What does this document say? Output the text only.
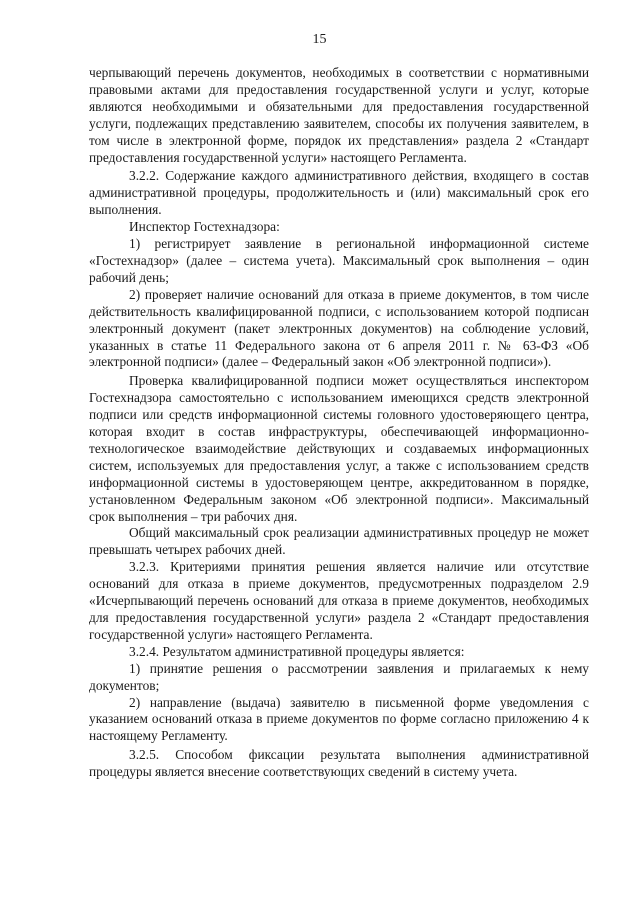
15

черпывающий перечень документов, необходимых в соответствии с нормативными правовыми актами для предоставления государственной услуги и услуг, которые являются необходимыми и обязательными для предоставления государственной услуги, подлежащих представлению заявителем, способы их получения заявителем, в том числе в электронной форме, порядок их представления» раздела 2 «Стандарт предоставления государственной услуги» настоящего Регламента.

3.2.2. Содержание каждого административного действия, входящего в состав административной процедуры, продолжительность и (или) максимальный срок его выполнения.

Инспектор Гостехнадзора:

1) регистрирует заявление в региональной информационной системе «Гостехнадзор» (далее – система учета). Максимальный срок выполнения – один рабочий день;

2) проверяет наличие оснований для отказа в приеме документов, в том числе действительность квалифицированной подписи, с использованием которой подписан электронный документ (пакет электронных документов) на соблюдение условий, указанных в статье 11 Федерального закона от 6 апреля 2011 г. № 63-ФЗ «Об электронной подписи» (далее – Федеральный закон «Об электронной подписи»).

Проверка квалифицированной подписи может осуществляться инспектором Гостехнадзора самостоятельно с использованием имеющихся средств электронной подписи или средств информационной системы головного удостоверяющего центра, которая входит в состав инфраструктуры, обеспечивающей информационно-технологическое взаимодействие действующих и создаваемых информационных систем, используемых для предоставления услуг, а также с использованием средств информационной системы в удостоверяющем центре, аккредитованном в порядке, установленном Федеральным законом «Об электронной подписи». Максимальный срок выполнения – три рабочих дня.

Общий максимальный срок реализации административных процедур не может превышать четырех рабочих дней.

3.2.3. Критериями принятия решения является наличие или отсутствие оснований для отказа в приеме документов, предусмотренных подразделом 2.9 «Исчерпывающий перечень оснований для отказа в приеме документов, необходимых для предоставления государственной услуги» раздела 2 «Стандарт предоставления государственной услуги» настоящего Регламента.

3.2.4. Результатом административной процедуры является:

1) принятие решения о рассмотрении заявления и прилагаемых к нему документов;

2) направление (выдача) заявителю в письменной форме уведомления с указанием оснований отказа в приеме документов по форме согласно приложению 4 к настоящему Регламенту.

3.2.5. Способом фиксации результата выполнения административной процедуры является внесение соответствующих сведений в систему учета.
